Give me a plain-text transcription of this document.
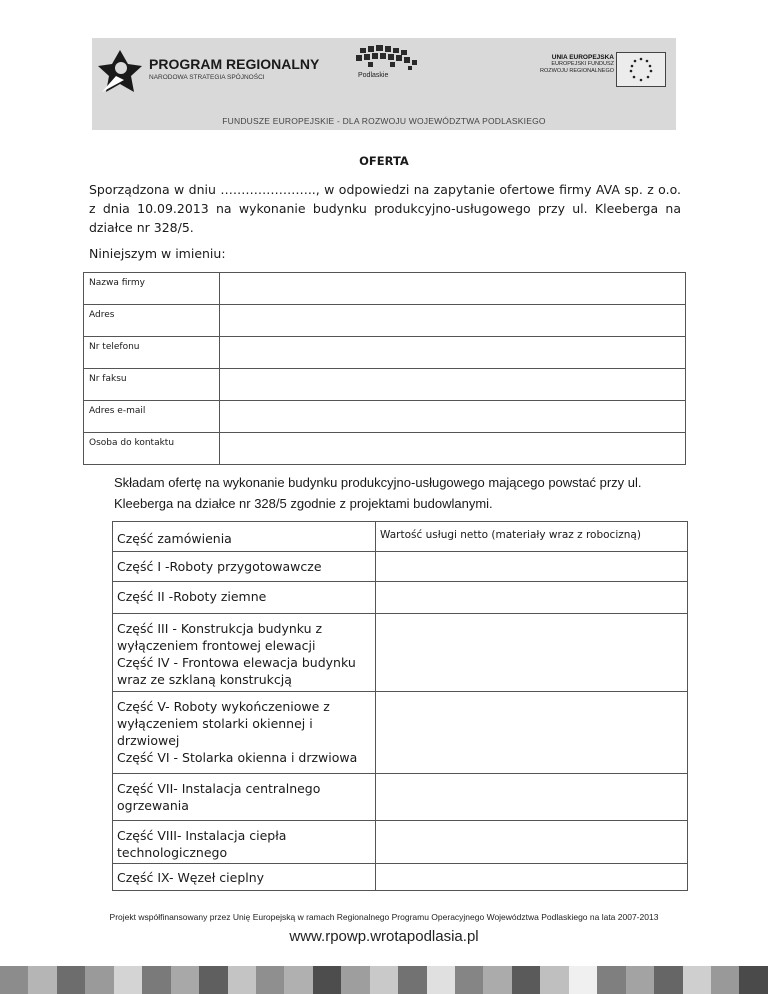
PROGRAM REGIONALNY
NARODOWA STRATEGIA SPÓJNOŚCI	Podlaskie
UNIA EUROPEJSKA
EUROPEJSKI FUNDUSZ
ROZWOJU REGIONALNEGO
FUNDUSZE EUROPEJSKIE - DLA ROZWOJU WOJEWÓDZTWA PODLASKIEGO
OFERTA
Sporządzona w dniu ………………….., w odpowiedzi na zapytanie ofertowe firmy AVA sp. z o.o. z dnia 10.09.2013 na wykonanie budynku produkcyjno-usługowego przy ul. Kleeberga na działce nr 328/5.
Niniejszym w imieniu:
Nazwa firmy	
Adres	
Nr telefonu	
Nr faksu	
Adres e-mail	
Osoba do kontaktu	
Składam ofertę na wykonanie budynku produkcyjno-usługowego mającego powstać przy ul. Kleeberga na działce nr 328/5 zgodnie z projektami budowlanymi.
Część zamówienia	Wartość usługi netto (materiały wraz z robocizną)
Część I -Roboty przygotowawcze	
Część II -Roboty ziemne	

Część III - Konstrukcja budynku z wyłączeniem frontowej elewacji
Część IV - Frontowa elewacja budynku wraz ze szklaną konstrukcją	

Część V- Roboty wykończeniowe z wyłączeniem stolarki okiennej i drzwiowej
Część VI - Stolarka okienna i drzwiowa	

Część VII- Instalacja centralnego ogrzewania	
Część VIII- Instalacja ciepła technologicznego	
Część IX- Węzeł cieplny	
Projekt współfinansowany przez Unię Europejską w ramach Regionalnego Programu Operacyjnego Województwa Podlaskiego na lata 2007-2013
www.rpowp.wrotapodlasia.pl
